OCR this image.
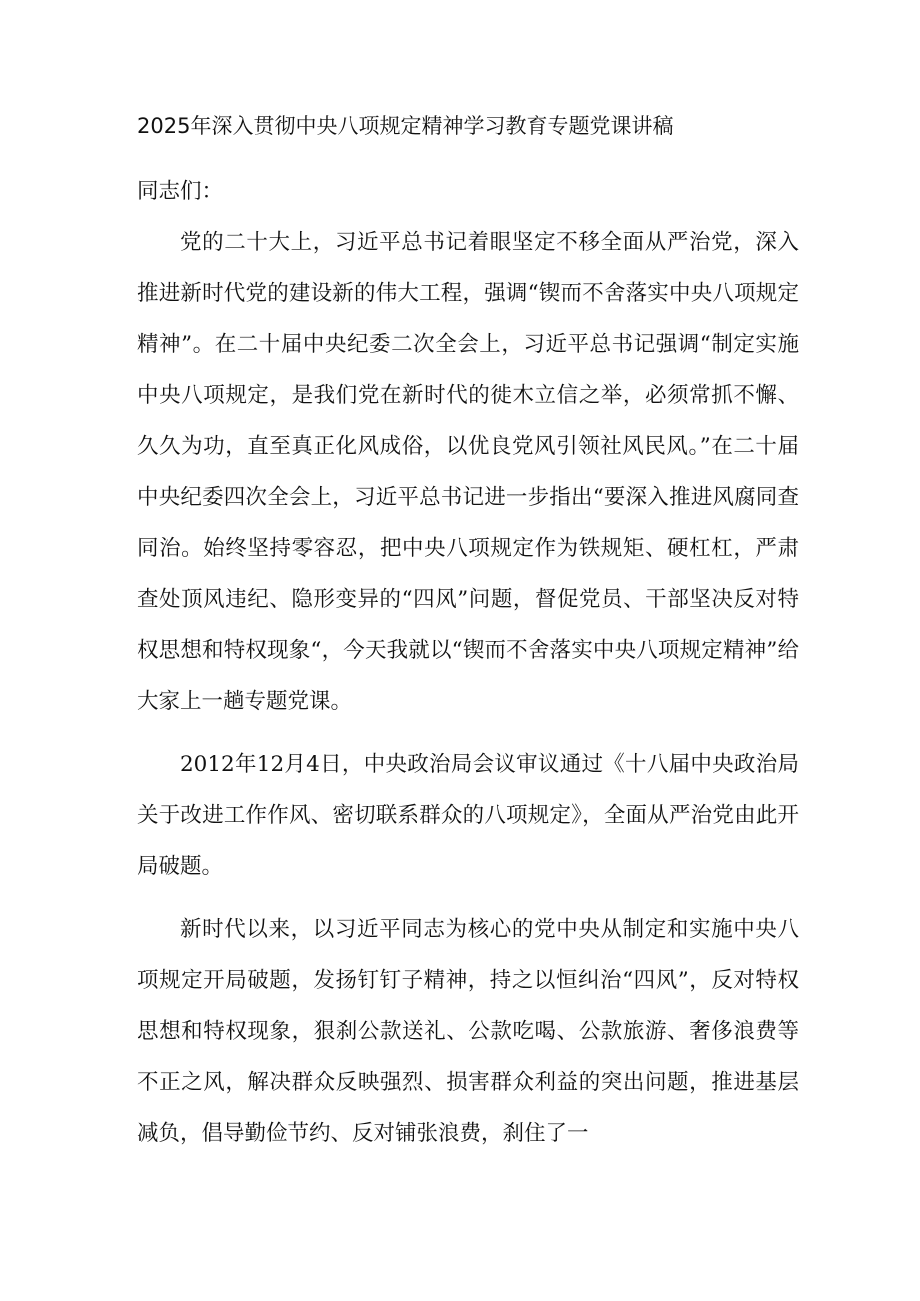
2025年深入贯彻中央八项规定精神学习教育专题党课讲稿

同志们：

党的二十大上，习近平总书记着眼坚定不移全面从严治党，深入推进新时代党的建设新的伟大工程，强调“锲而不舍落实中央八项规定精神”。在二十届中央纪委二次全会上，习近平总书记强调“制定实施中央八项规定，是我们党在新时代的徙木立信之举，必须常抓不懈、久久为功，直至真正化风成俗，以优良党风引领社风民风。”在二十届中央纪委四次全会上，习近平总书记进一步指出“要深入推进风腐同查同治。始终坚持零容忍，把中央八项规定作为铁规矩、硬杠杠，严肃查处顶风违纪、隐形变异的“四风”问题，督促党员、干部坚决反对特权思想和特权现象“，今天我就以“锲而不舍落实中央八项规定精神”给大家上一趟专题党课。

2012年12月4日，中央政治局会议审议通过《十八届中央政治局关于改进工作作风、密切联系群众的八项规定》，全面从严治党由此开局破题。

新时代以来，以习近平同志为核心的党中央从制定和实施中央八项规定开局破题，发扬钉钉子精神，持之以恒纠治“四风”，反对特权思想和特权现象，狠刹公款送礼、公款吃喝、公款旅游、奢侈浪费等不正之风，解决群众反映强烈、损害群众利益的突出问题，推进基层减负，倡导勤俭节约、反对铺张浪费，刹住了一
